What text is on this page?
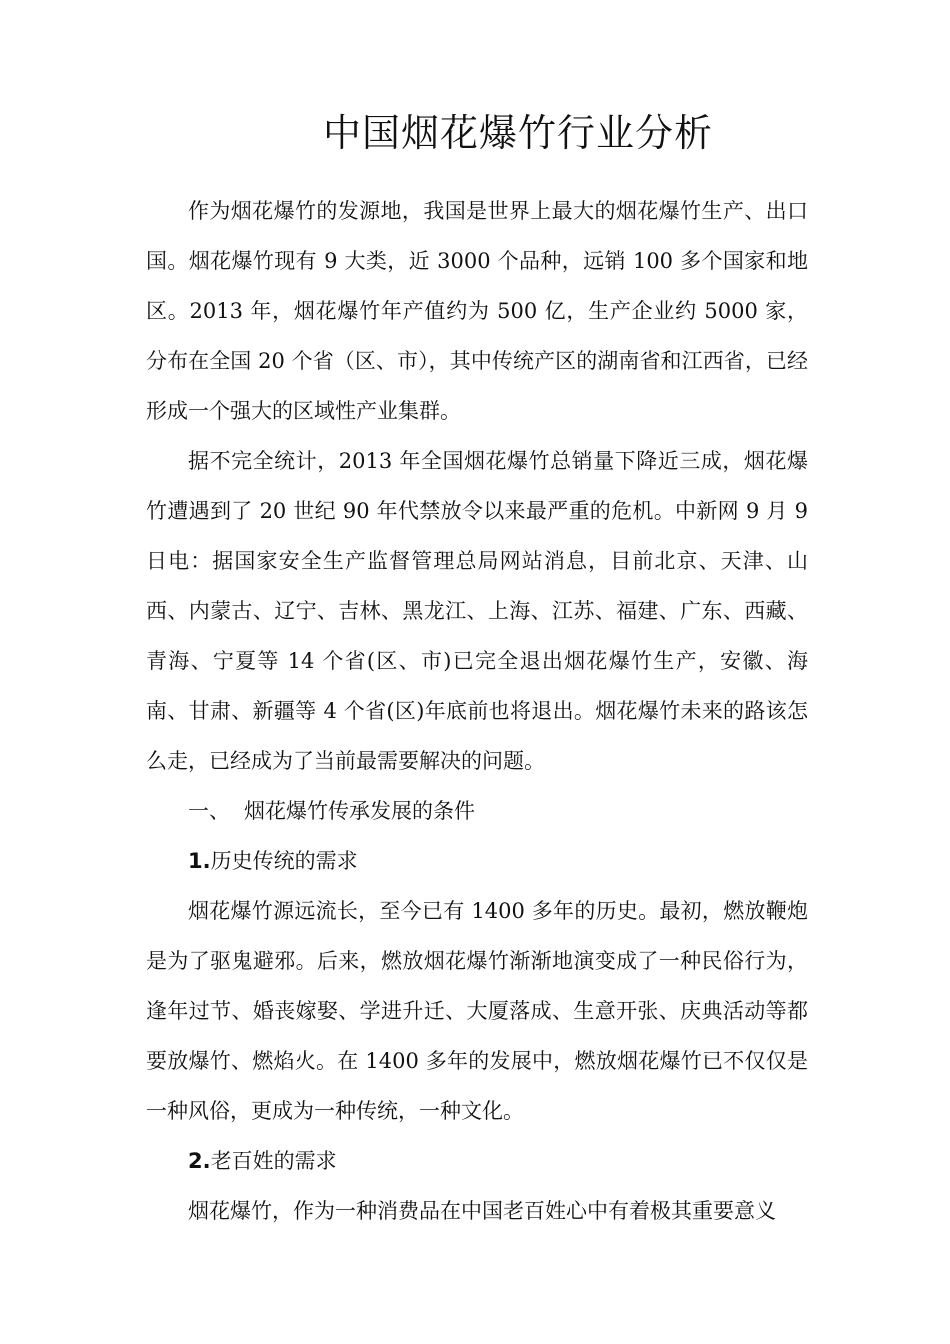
中国烟花爆竹行业分析

作为烟花爆竹的发源地，我国是世界上最大的烟花爆竹生产、出口国。烟花爆竹现有 9 大类，近 3000 个品种，远销 100 多个国家和地区。2013 年，烟花爆竹年产值约为 500 亿，生产企业约 5000 家，分布在全国 20 个省（区、市），其中传统产区的湖南省和江西省，已经形成一个强大的区域性产业集群。

据不完全统计，2013 年全国烟花爆竹总销量下降近三成，烟花爆竹遭遇到了 20 世纪 90 年代禁放令以来最严重的危机。中新网 9 月 9 日电：据国家安全生产监督管理总局网站消息，目前北京、天津、山西、内蒙古、辽宁、吉林、黑龙江、上海、江苏、福建、广东、西藏、青海、宁夏等 14 个省(区、市)已完全退出烟花爆竹生产，安徽、海南、甘肃、新疆等 4 个省(区)年底前也将退出。烟花爆竹未来的路该怎么走，已经成为了当前最需要解决的问题。

一、 烟花爆竹传承发展的条件

1.历史传统的需求

烟花爆竹源远流长，至今已有 1400 多年的历史。最初，燃放鞭炮是为了驱鬼避邪。后来，燃放烟花爆竹渐渐地演变成了一种民俗行为，逢年过节、婚丧嫁娶、学进升迁、大厦落成、生意开张、庆典活动等都要放爆竹、燃焰火。在 1400 多年的发展中，燃放烟花爆竹已不仅仅是一种风俗，更成为一种传统，一种文化。

2.老百姓的需求

烟花爆竹，作为一种消费品在中国老百姓心中有着极其重要意义
